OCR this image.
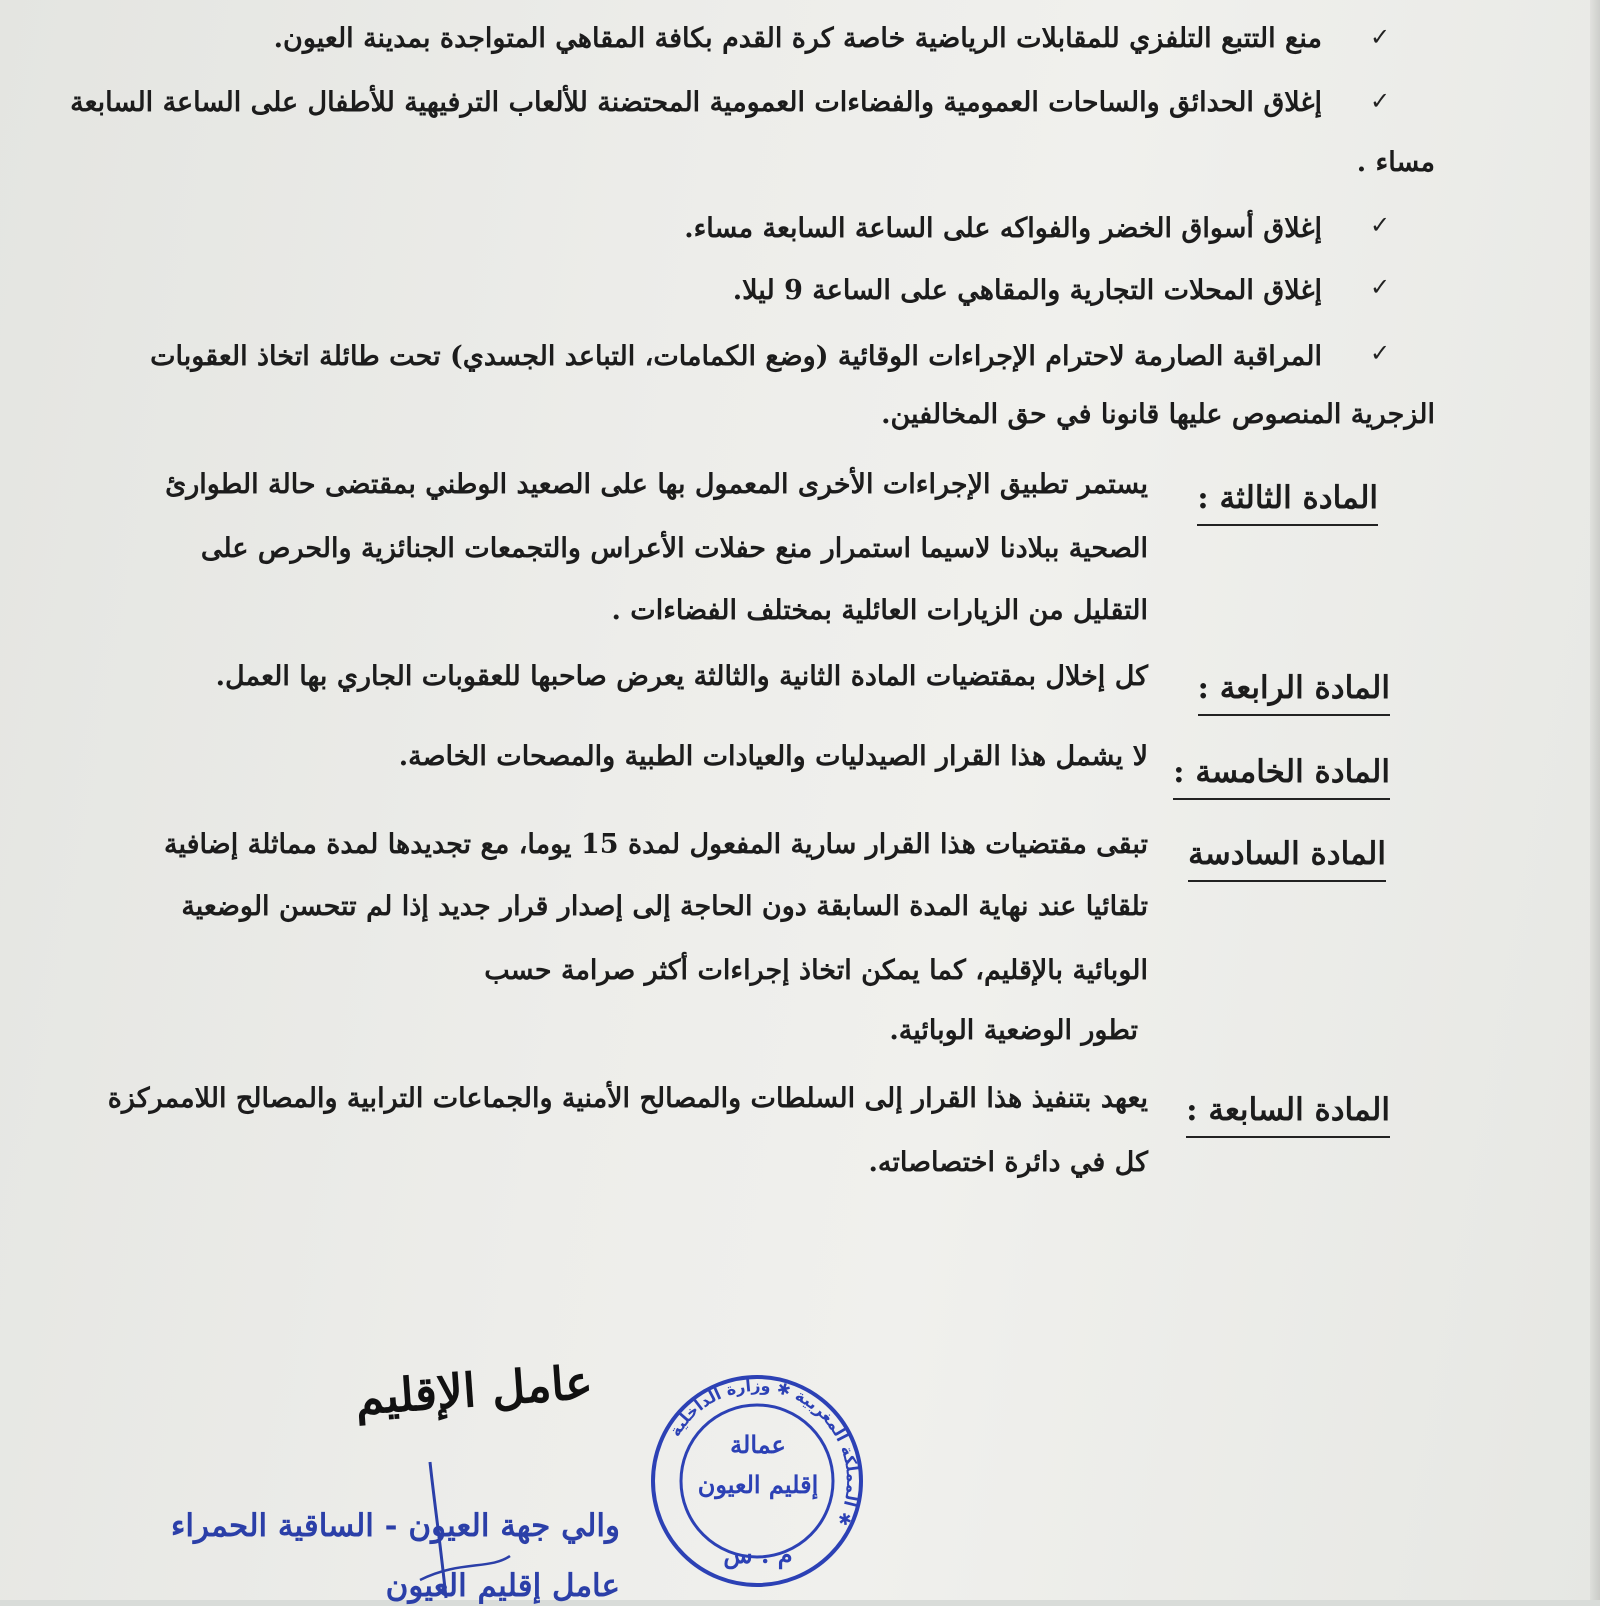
✓
منع التتبع التلفزي للمقابلات الرياضية خاصة كرة القدم بكافة المقاهي المتواجدة بمدينة العيون.
✓
إغلاق الحدائق والساحات العمومية والفضاءات العمومية المحتضنة للألعاب الترفيهية للأطفال على الساعة السابعة
مساء .
✓
إغلاق أسواق الخضر والفواكه على الساعة السابعة مساء.
✓
إغلاق المحلات التجارية والمقاهي على الساعة 9 ليلا.
✓
المراقبة الصارمة لاحترام الإجراءات الوقائية (وضع الكمامات، التباعد الجسدي) تحت طائلة اتخاذ العقوبات
الزجرية المنصوص عليها قانونا في حق المخالفين.
المادة الثالثة :
يستمر تطبيق الإجراءات الأخرى المعمول بها على الصعيد الوطني بمقتضى حالة الطوارئ
الصحية ببلادنا لاسيما استمرار منع حفلات الأعراس والتجمعات الجنائزية والحرص على
التقليل من الزيارات العائلية بمختلف الفضاءات .
المادة الرابعة :
كل إخلال بمقتضيات المادة الثانية والثالثة يعرض صاحبها للعقوبات الجاري بها العمل.
المادة الخامسة :
لا يشمل هذا القرار الصيدليات والعيادات الطبية والمصحات الخاصة.
المادة السادسة
تبقى مقتضيات هذا القرار سارية المفعول لمدة 15 يوما، مع تجديدها لمدة مماثلة إضافية
تلقائيا عند نهاية المدة السابقة دون الحاجة إلى إصدار قرار جديد إذا لم تتحسن الوضعية
الوبائية بالإقليم، كما يمكن اتخاذ إجراءات أكثر صرامة حسب
تطور الوضعية الوبائية.
المادة السابعة :
يعهد بتنفيذ هذا القرار إلى السلطات والمصالح الأمنية والجماعات الترابية والمصالح اللاممركزة
كل في دائرة اختصاصاته.
عامل الإقليم
والي جهة العيون - الساقية الحمراء
عامل إقليم العيون
المملكة المغربية ✱ وزارة الداخلية ✱
عمالة
إقليم العيون
م . س
